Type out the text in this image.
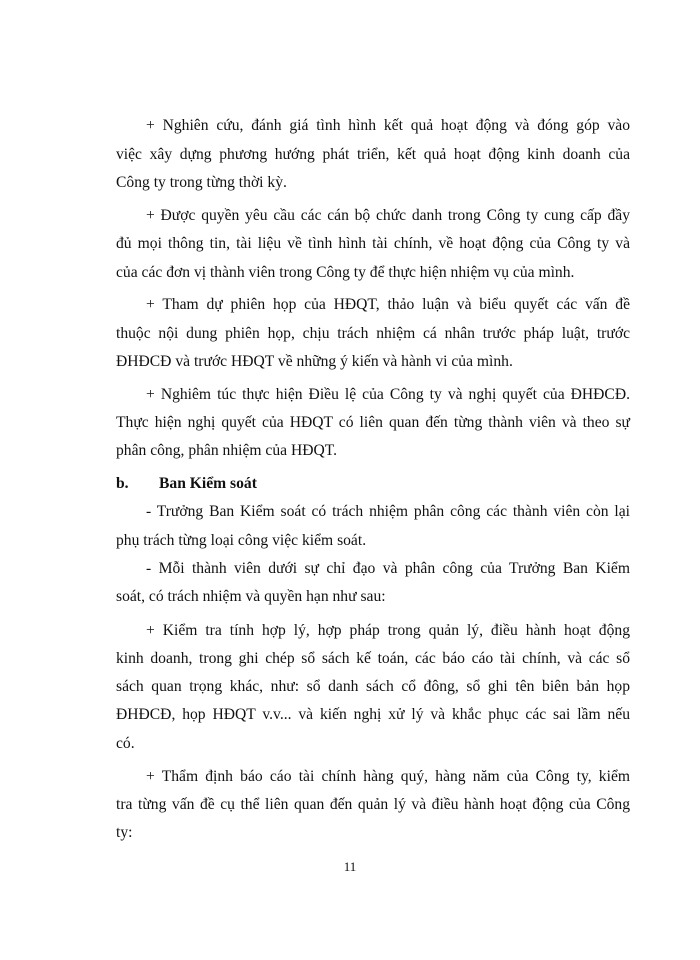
+ Nghiên cứu, đánh giá tình hình kết quả hoạt động và đóng góp vào
việc xây dựng phương hướng phát triển, kết quả hoạt động kinh doanh của
Công ty trong từng thời kỳ.
+ Được quyền yêu cầu các cán bộ chức danh trong Công ty cung cấp đầy
đủ mọi thông tin, tài liệu về tình hình tài chính, về hoạt động của Công ty và
của các đơn vị thành viên trong Công ty để thực hiện nhiệm vụ của mình.
+ Tham dự phiên họp của HĐQT, thảo luận và biểu quyết các vấn đề
thuộc nội dung phiên họp, chịu trách nhiệm cá nhân trước pháp luật, trước
ĐHĐCĐ và trước HĐQT về những ý kiến và hành vi của mình.
+ Nghiêm túc thực hiện Điều lệ của Công ty và nghị quyết của ĐHĐCĐ.
Thực hiện nghị quyết của HĐQT có liên quan đến từng thành viên và theo sự
phân công, phân nhiệm của HĐQT.
b. Ban Kiểm soát
- Trưởng Ban Kiểm soát có trách nhiệm phân công các thành viên còn lại
phụ trách từng loại công việc kiểm soát.
- Mỗi thành viên dưới sự chỉ đạo và phân công của Trưởng Ban Kiểm
soát, có trách nhiệm và quyền hạn như sau:
+ Kiểm tra tính hợp lý, hợp pháp trong quản lý, điều hành hoạt động
kinh doanh, trong ghi chép sổ sách kế toán, các báo cáo tài chính, và các sổ
sách quan trọng khác, như: sổ danh sách cổ đông, sổ ghi tên biên bản họp
ĐHĐCĐ, họp HĐQT v.v... và kiến nghị xử lý và khắc phục các sai lầm nếu
có.
+ Thẩm định báo cáo tài chính hàng quý, hàng năm của Công ty, kiểm
tra từng vấn đề cụ thể liên quan đến quản lý và điều hành hoạt động của Công
ty:
11
